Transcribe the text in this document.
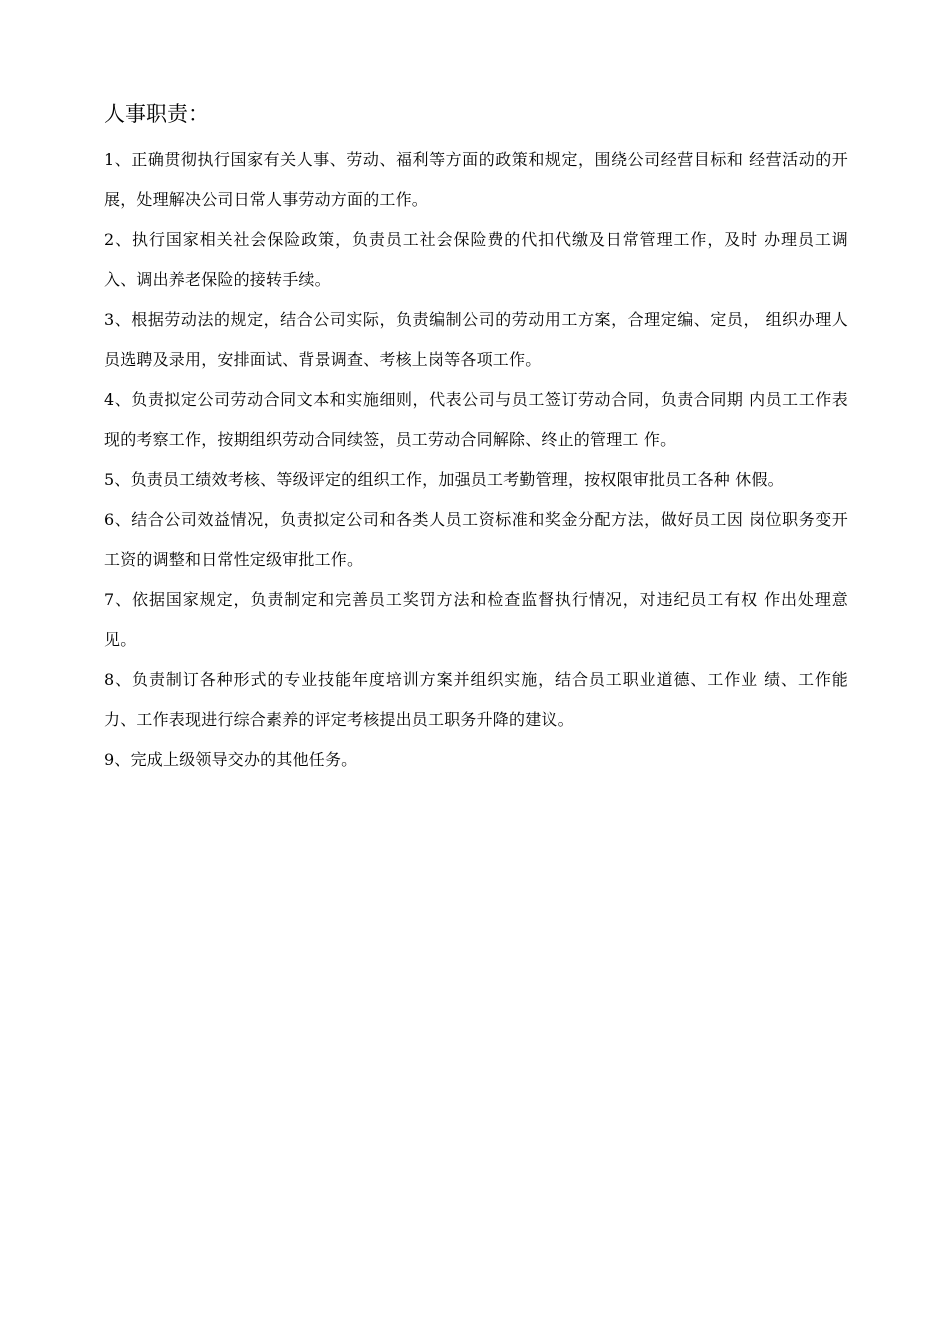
人事职责：
1、正确贯彻执行国家有关人事、劳动、福利等方面的政策和规定，围绕公司经营目标和 经营活动的开展，处理解决公司日常人事劳动方面的工作。
2、执行国家相关社会保险政策，负责员工社会保险费的代扣代缴及日常管理工作，及时 办理员工调入、调出养老保险的接转手续。
3、根据劳动法的规定，结合公司实际，负责编制公司的劳动用工方案，合理定编、定员， 组织办理人员选聘及录用，安排面试、背景调查、考核上岗等各项工作。
4、负责拟定公司劳动合同文本和实施细则，代表公司与员工签订劳动合同，负责合同期 内员工工作表现的考察工作，按期组织劳动合同续签，员工劳动合同解除、终止的管理工 作。
5、负责员工绩效考核、等级评定的组织工作，加强员工考勤管理，按权限审批员工各种 休假。
6、结合公司效益情况，负责拟定公司和各类人员工资标准和奖金分配方法，做好员工因 岗位职务变开工资的调整和日常性定级审批工作。
7、依据国家规定，负责制定和完善员工奖罚方法和检查监督执行情况，对违纪员工有权 作出处理意见。
8、负责制订各种形式的专业技能年度培训方案并组织实施，结合员工职业道德、工作业 绩、工作能力、工作表现进行综合素养的评定考核提出员工职务升降的建议。
9、完成上级领导交办的其他任务。
